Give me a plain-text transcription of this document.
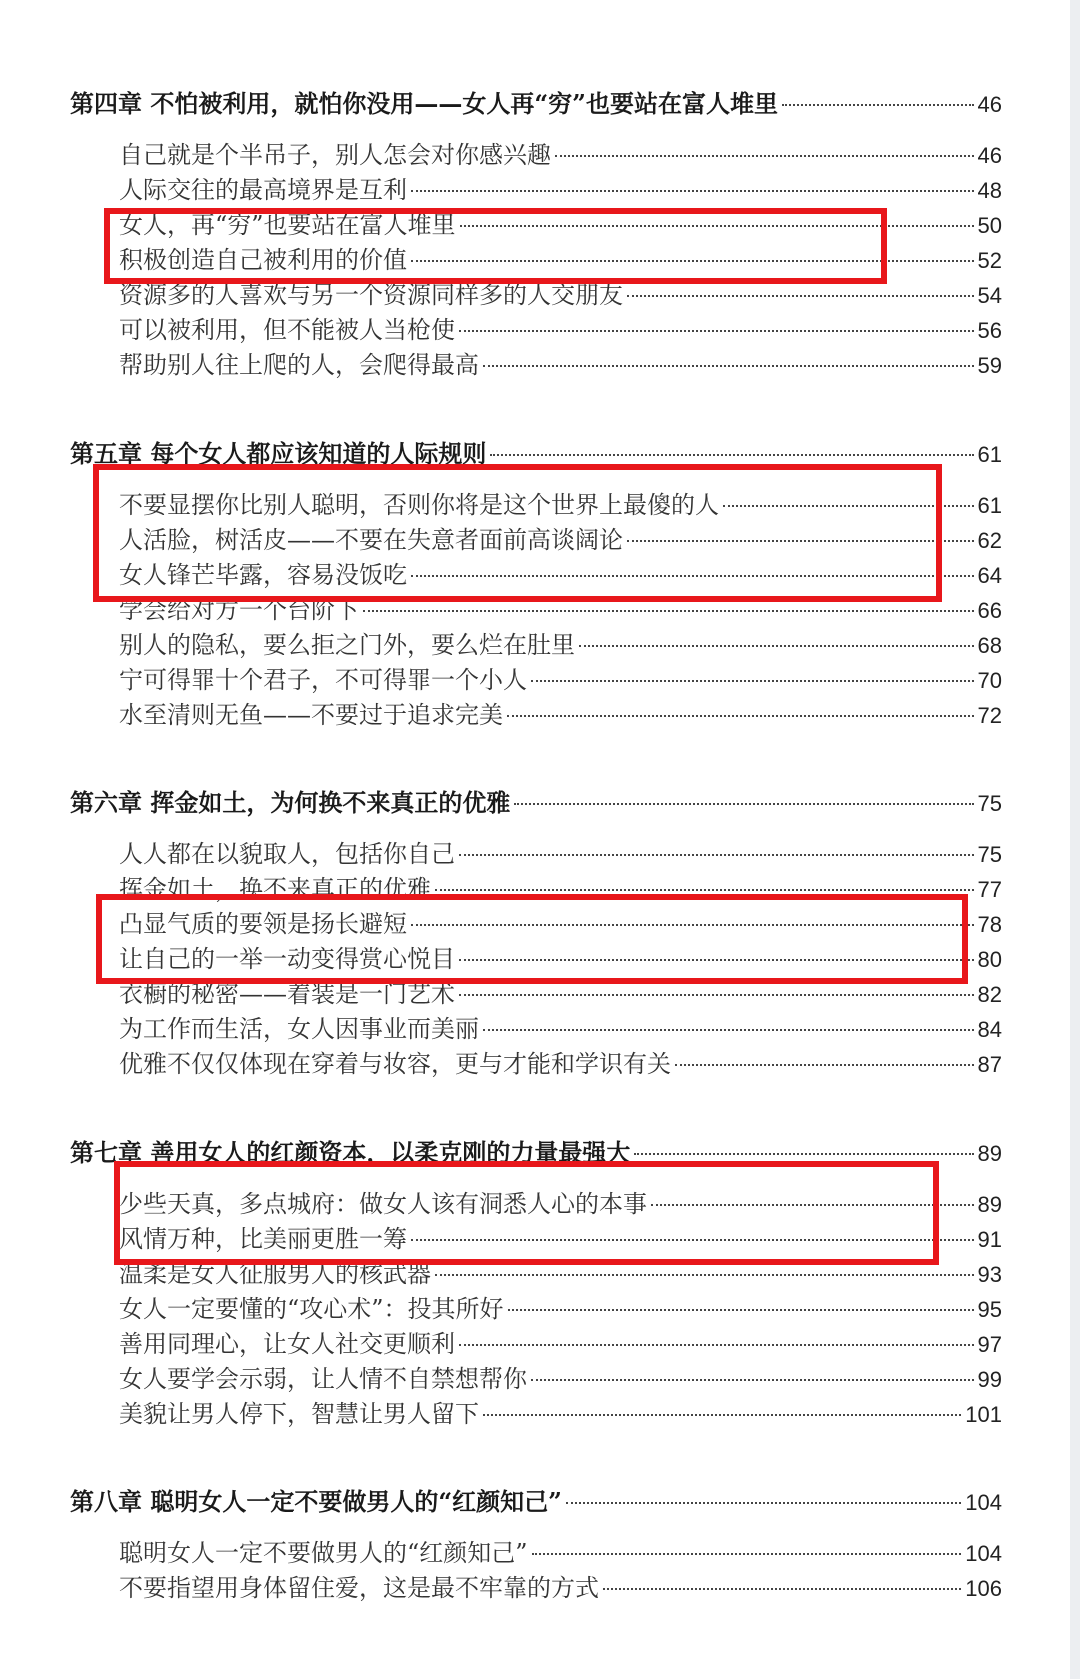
第四章 不怕被利用，就怕你没用——女人再“穷”也要站在富人堆里	46
自己就是个半吊子，别人怎会对你感兴趣	46
人际交往的最高境界是互利	48
女人，再“穷”也要站在富人堆里	50
积极创造自己被利用的价值	52
资源多的人喜欢与另一个资源同样多的人交朋友	54
可以被利用，但不能被人当枪使	56
帮助别人往上爬的人，会爬得最高	59
第五章 每个女人都应该知道的人际规则	61
不要显摆你比别人聪明，否则你将是这个世界上最傻的人	61
人活脸，树活皮——不要在失意者面前高谈阔论	62
女人锋芒毕露，容易没饭吃	64
学会给对方一个台阶下	66
别人的隐私，要么拒之门外，要么烂在肚里	68
宁可得罪十个君子，不可得罪一个小人	70
水至清则无鱼——不要过于追求完美	72
第六章 挥金如土，为何换不来真正的优雅	75
人人都在以貌取人，包括你自己	75
挥金如土，换不来真正的优雅	77
凸显气质的要领是扬长避短	78
让自己的一举一动变得赏心悦目	80
衣橱的秘密——着装是一门艺术	82
为工作而生活，女人因事业而美丽	84
优雅不仅仅体现在穿着与妆容，更与才能和学识有关	87
第七章 善用女人的红颜资本，以柔克刚的力量最强大	89
少些天真，多点城府：做女人该有洞悉人心的本事	89
风情万种，比美丽更胜一筹	91
温柔是女人征服男人的核武器	93
女人一定要懂的“攻心术”：投其所好	95
善用同理心，让女人社交更顺利	97
女人要学会示弱，让人情不自禁想帮你	99
美貌让男人停下，智慧让男人留下	101
第八章 聪明女人一定不要做男人的“红颜知己”	104
聪明女人一定不要做男人的“红颜知己”	104
不要指望用身体留住爱，这是最不牢靠的方式	106
